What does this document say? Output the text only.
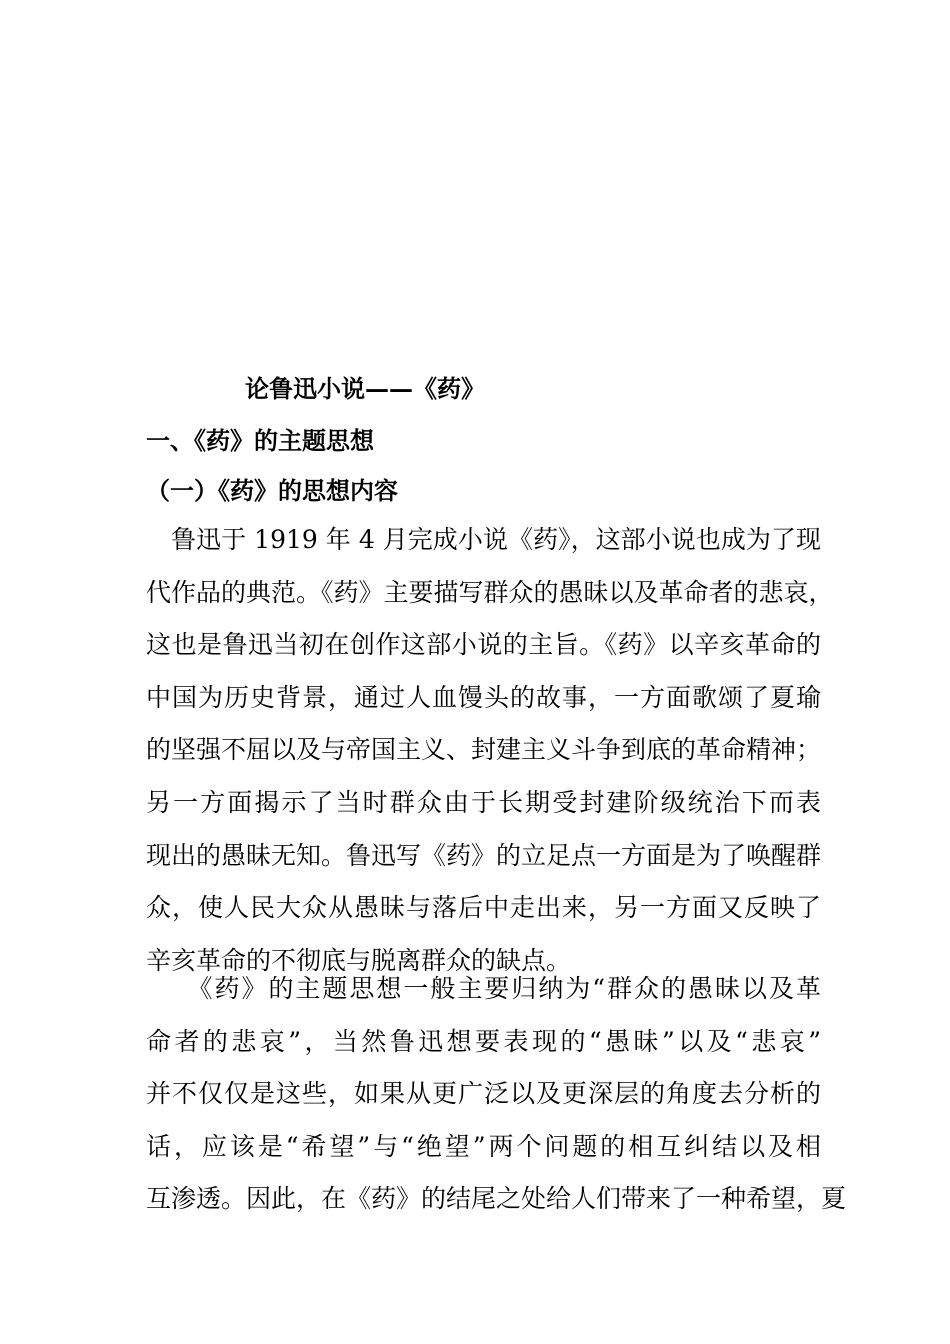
论鲁迅小说——《药》
一、《药》的主题思想
（一）《药》的思想内容

　鲁迅于 1919 年 4 月完成小说《药》，这部小说也成为了现
代作品的典范。《药》主要描写群众的愚昧以及革命者的悲哀，
这也是鲁迅当初在创作这部小说的主旨。《药》以辛亥革命的
中国为历史背景，通过人血馒头的故事，一方面歌颂了夏瑜
的坚强不屈以及与帝国主义、封建主义斗争到底的革命精神；
另一方面揭示了当时群众由于长期受封建阶级统治下而表
现出的愚昧无知。鲁迅写《药》的立足点一方面是为了唤醒群
众，使人民大众从愚昧与落后中走出来，另一方面又反映了
辛亥革命的不彻底与脱离群众的缺点。

　　《药》的主题思想一般主要归纳为“群众的愚昧以及革
命者的悲哀”，当然鲁迅想要表现的“愚昧”以及“悲哀”
并不仅仅是这些，如果从更广泛以及更深层的角度去分析的
话，应该是“希望”与“绝望”两个问题的相互纠结以及相
互渗透。因此，在《药》的结尾之处给人们带来了一种希望，夏
